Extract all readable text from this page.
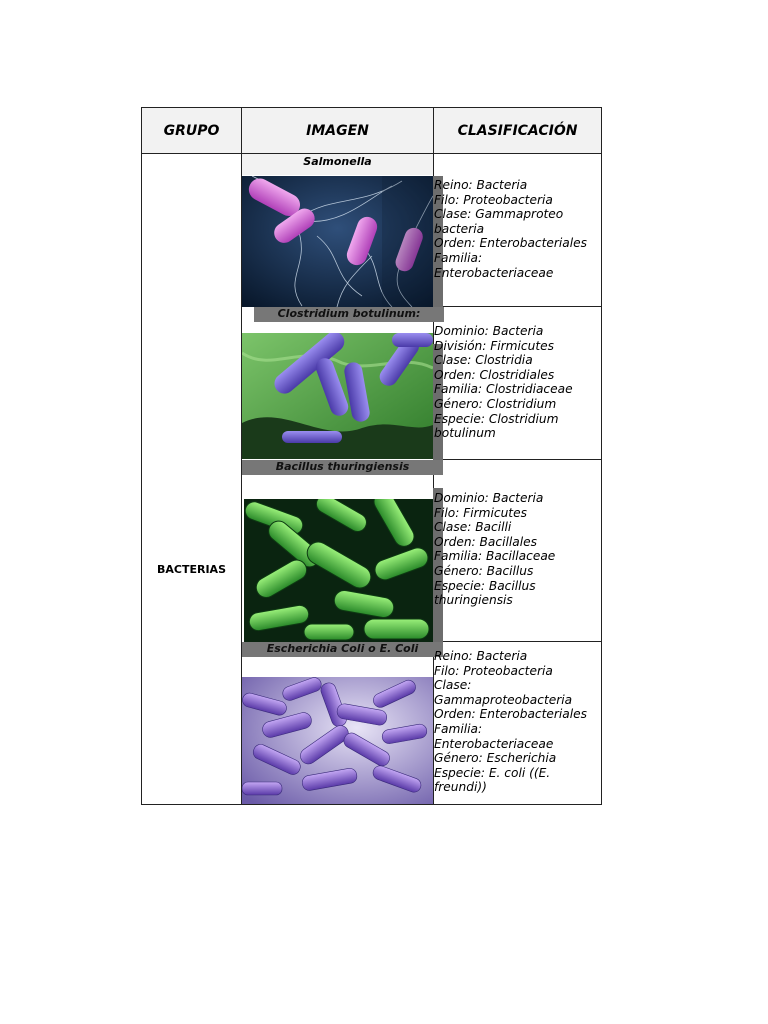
GRUPO	IMAGEN	CLASIFICACIÓN
BACTERIAS
Salmonella
Reino: Bacteria
Filo: Proteobacteria
Clase: Gammaproteo
bacteria
Orden: Enterobacteriales
Familia:
Enterobacteriaceae
Clostridium botulinum:
Dominio: Bacteria
División: Firmicutes
Clase: Clostridia
Orden: Clostridiales
Familia: Clostridiaceae
Género: Clostridium
Especie: Clostridium
botulinum
Bacillus thuringiensis
Dominio: Bacteria
Filo: Firmicutes
Clase: Bacilli
Orden: Bacillales
Familia: Bacillaceae
Género: Bacillus
Especie: Bacillus
thuringiensis
Escherichia Coli o E. Coli
Reino: Bacteria
Filo: Proteobacteria
Clase:
Gammaproteobacteria
Orden: Enterobacteriales
Familia:
Enterobacteriaceae
Género: Escherichia
Especie: E. coli ((E.
freundi))
